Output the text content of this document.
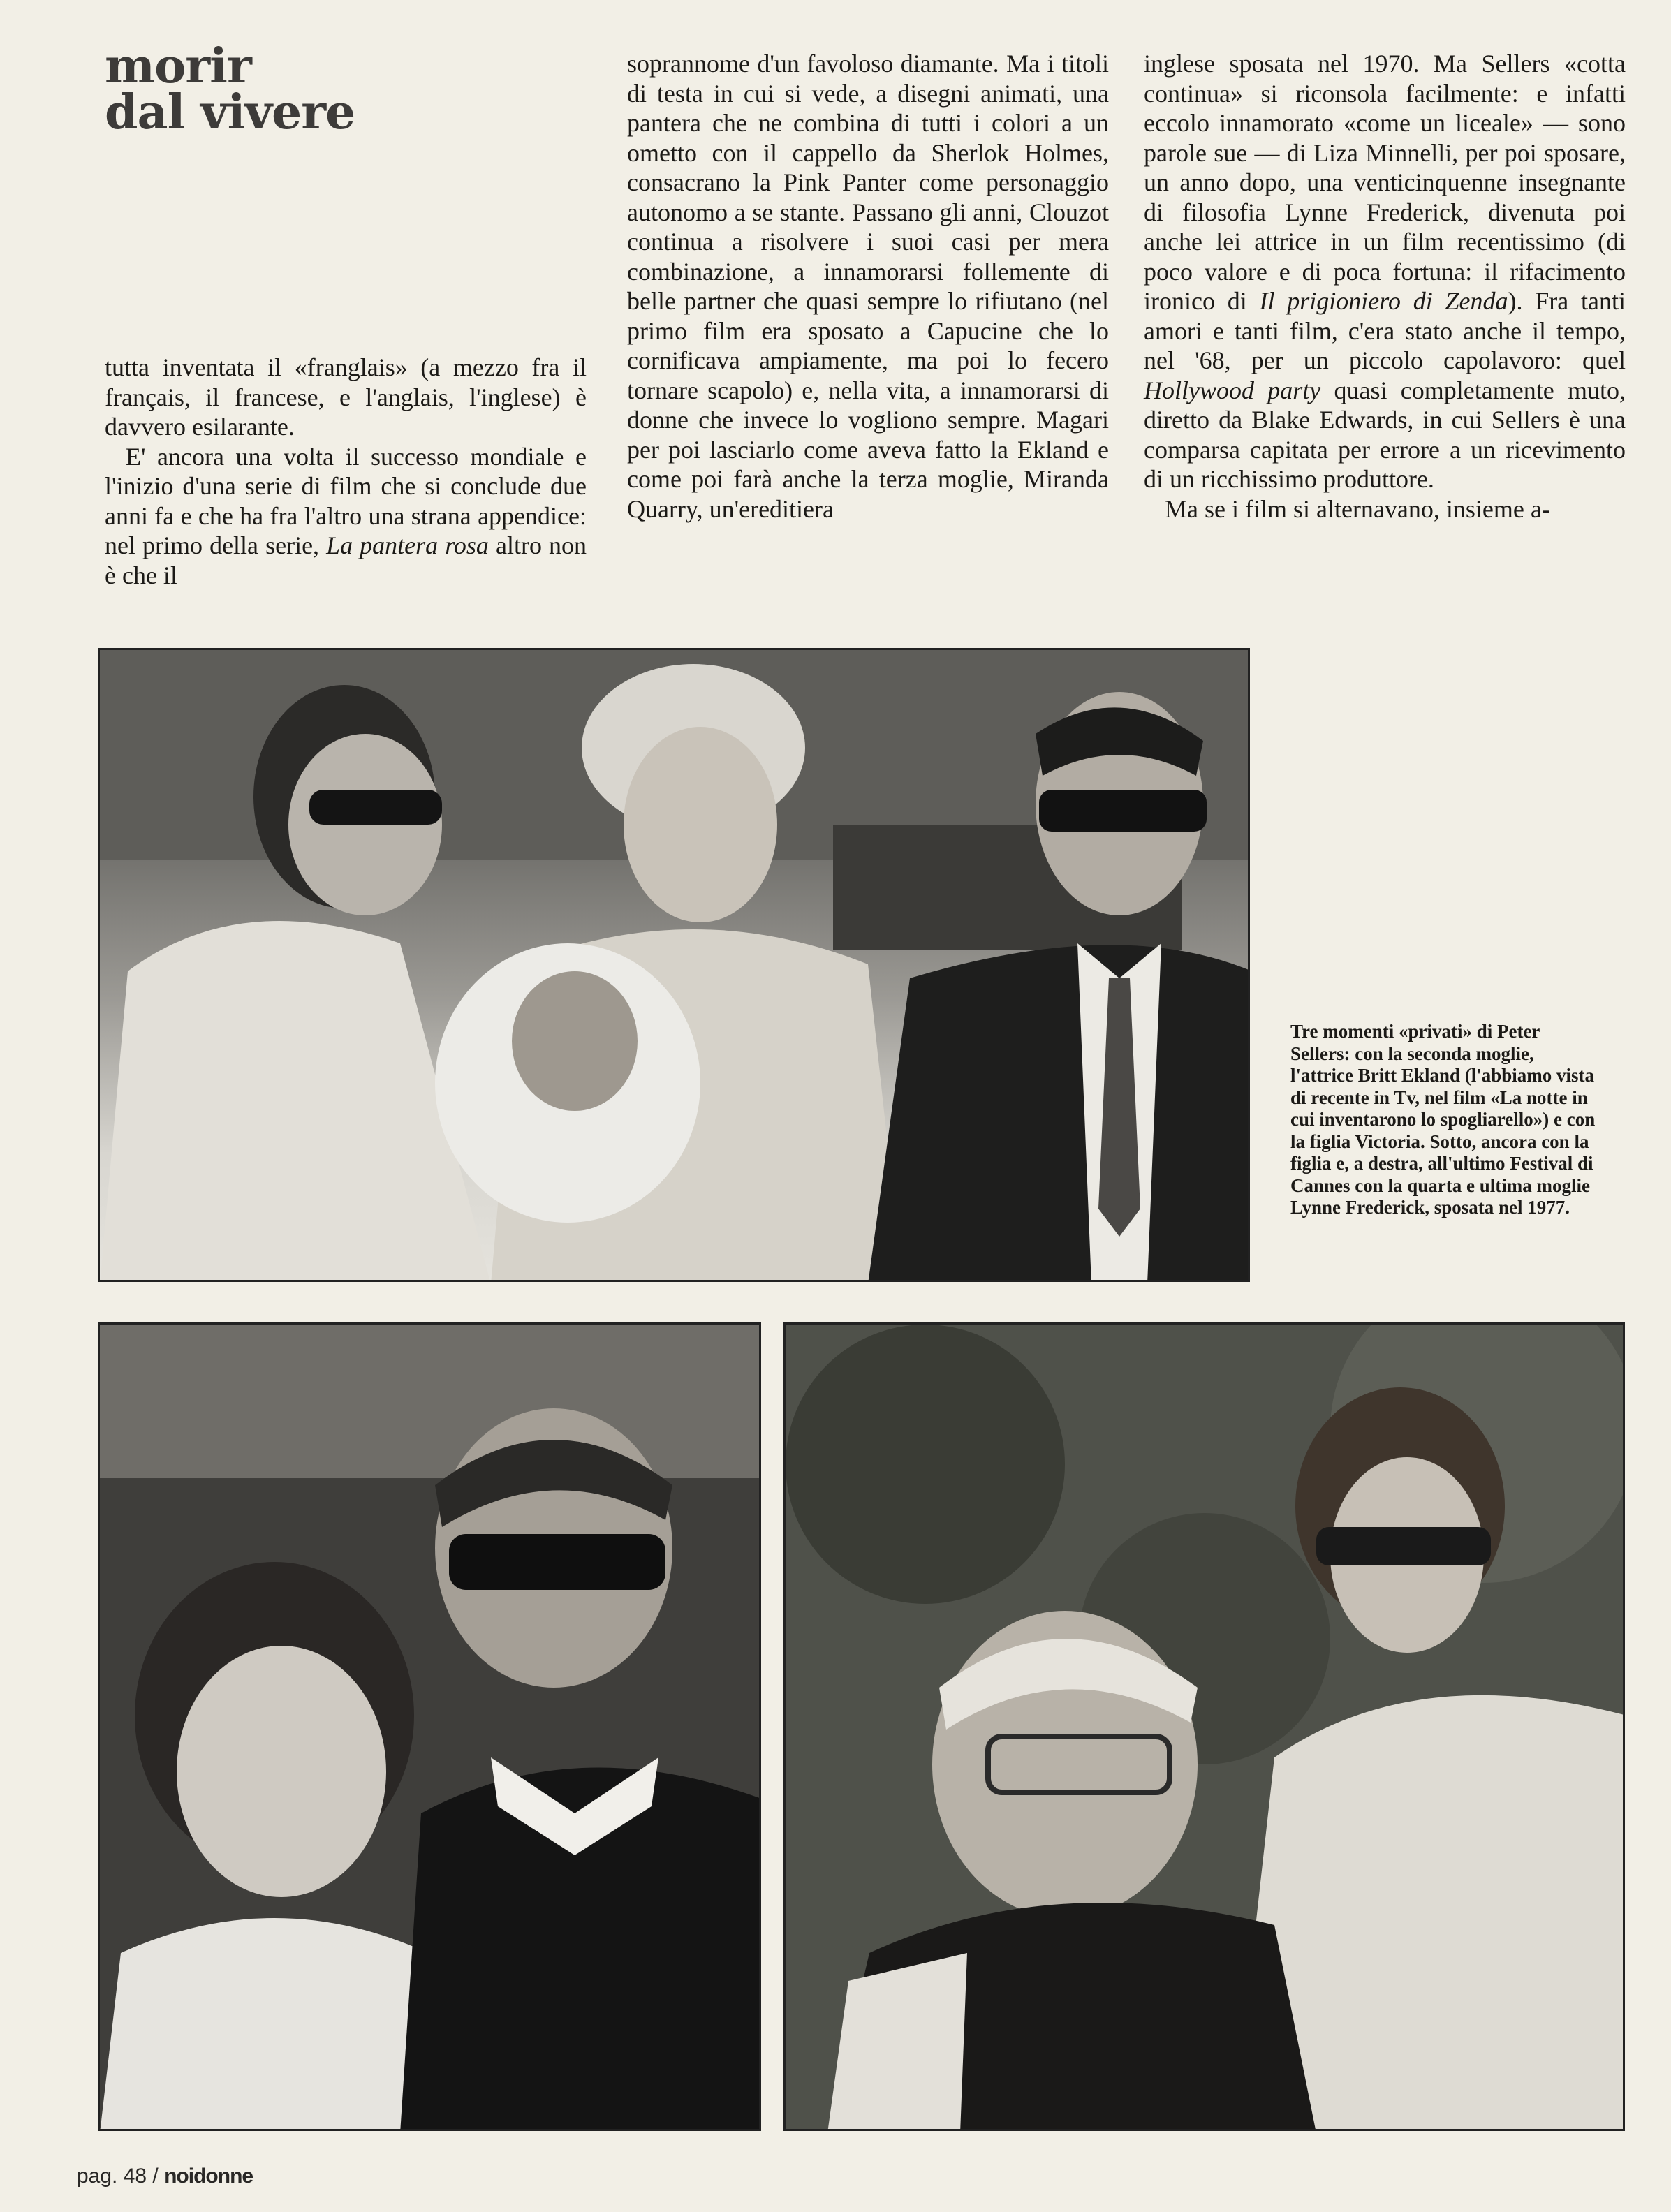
morir
dal vivere

tutta inventata il «franglais» (a mezzo fra il français, il francese, e l'anglais, l'inglese) è davvero esilarante.

E' ancora una volta il successo mondiale e l'inizio d'una serie di film che si conclude due anni fa e che ha fra l'altro una strana appendice: nel primo della serie, La pantera rosa altro non è che il

soprannome d'un favoloso diamante. Ma i titoli di testa in cui si vede, a disegni animati, una pantera che ne combina di tutti i colori a un ometto con il cappello da Sherlok Holmes, consacrano la Pink Panter come personaggio autonomo a se stante. Passano gli anni, Clouzot continua a risolvere i suoi casi per mera combinazione, a innamorarsi follemente di belle partner che quasi sempre lo rifiutano (nel primo film era sposato a Capucine che lo cornificava ampiamente, ma poi lo fecero tornare scapolo) e, nella vita, a innamorarsi di donne che invece lo vogliono sempre. Magari per poi lasciarlo come aveva fatto la Ekland e come poi farà anche la terza moglie, Miranda Quarry, un'ereditiera

inglese sposata nel 1970. Ma Sellers «cotta continua» si riconsola facilmente: e infatti eccolo innamorato «come un liceale» — sono parole sue — di Liza Minnelli, per poi sposare, un anno dopo, una venticinquenne insegnante di filosofia Lynne Frederick, divenuta poi anche lei attrice in un film recentissimo (di poco valore e di poca fortuna: il rifacimento ironico di Il prigioniero di Zenda). Fra tanti amori e tanti film, c'era stato anche il tempo, nel '68, per un piccolo capolavoro: quel Hollywood party quasi completamente muto, diretto da Blake Edwards, in cui Sellers è una comparsa capitata per errore a un ricevimento di un ricchissimo produttore.

Ma se i film si alternavano, insieme a-

Tre momenti «privati» di Peter Sellers: con la seconda moglie, l'attrice Britt Ekland (l'abbiamo vista di recente in Tv, nel film «La notte in cui inventarono lo spogliarello») e con la figlia Victoria. Sotto, ancora con la figlia e, a destra, all'ultimo Festival di Cannes con la quarta e ultima moglie Lynne Frederick, sposata nel 1977.
pag. 48 / noidonne
